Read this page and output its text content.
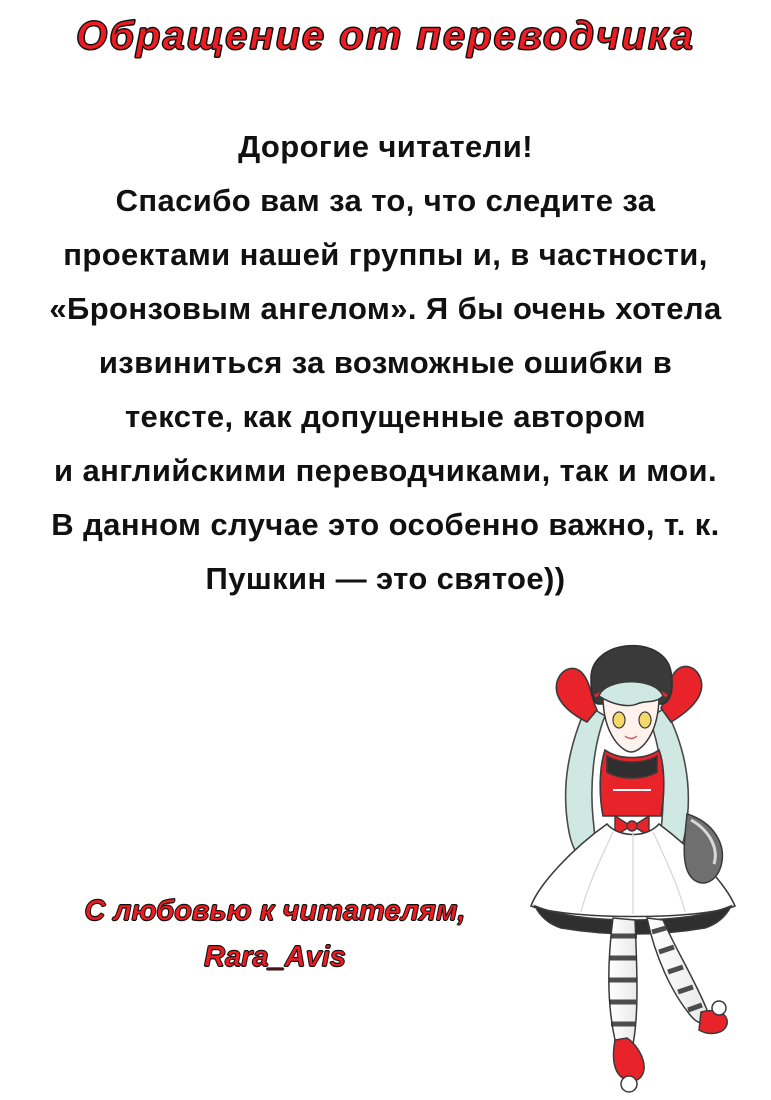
Обращение от переводчика
Дорогие читатели!
Спасибо вам за то, что следите за
проектами нашей группы и, в частности,
«Бронзовым ангелом». Я бы очень хотела
извиниться за возможные ошибки в
тексте, как допущенные автором
и английскими переводчиками, так и мои.
В данном случае это особенно важно, т. к.
Пушкин — это святое))
С любовью к читателям,
Rara_Avis
